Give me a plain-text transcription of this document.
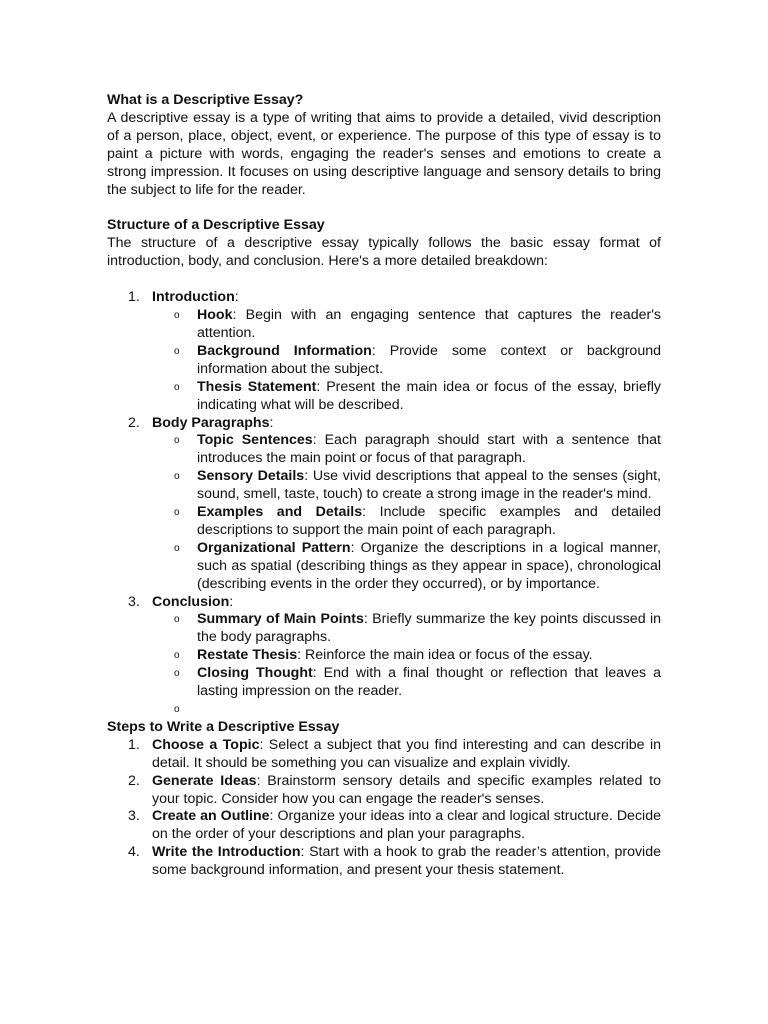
What is a Descriptive Essay?

A descriptive essay is a type of writing that aims to provide a detailed, vivid description of a person, place, object, event, or experience. The purpose of this type of essay is to paint a picture with words, engaging the reader's senses and emotions to create a strong impression. It focuses on using descriptive language and sensory details to bring the subject to life for the reader.

Structure of a Descriptive Essay

The structure of a descriptive essay typically follows the basic essay format of introduction, body, and conclusion. Here's a more detailed breakdown:

1. Introduction:
o Hook: Begin with an engaging sentence that captures the reader's attention.
o Background Information: Provide some context or background information about the subject.
o Thesis Statement: Present the main idea or focus of the essay, briefly indicating what will be described.
2. Body Paragraphs:
o Topic Sentences: Each paragraph should start with a sentence that introduces the main point or focus of that paragraph.
o Sensory Details: Use vivid descriptions that appeal to the senses (sight, sound, smell, taste, touch) to create a strong image in the reader's mind.
o Examples and Details: Include specific examples and detailed descriptions to support the main point of each paragraph.
o Organizational Pattern: Organize the descriptions in a logical manner, such as spatial (describing things as they appear in space), chronological (describing events in the order they occurred), or by importance.
3. Conclusion:
o Summary of Main Points: Briefly summarize the key points discussed in the body paragraphs.
o Restate Thesis: Reinforce the main idea or focus of the essay.
o Closing Thought: End with a final thought or reflection that leaves a lasting impression on the reader.
o

Steps to Write a Descriptive Essay

1. Choose a Topic: Select a subject that you find interesting and can describe in detail. It should be something you can visualize and explain vividly.
2. Generate Ideas: Brainstorm sensory details and specific examples related to your topic. Consider how you can engage the reader's senses.
3. Create an Outline: Organize your ideas into a clear and logical structure. Decide on the order of your descriptions and plan your paragraphs.
4. Write the Introduction: Start with a hook to grab the reader’s attention, provide some background information, and present your thesis statement.
